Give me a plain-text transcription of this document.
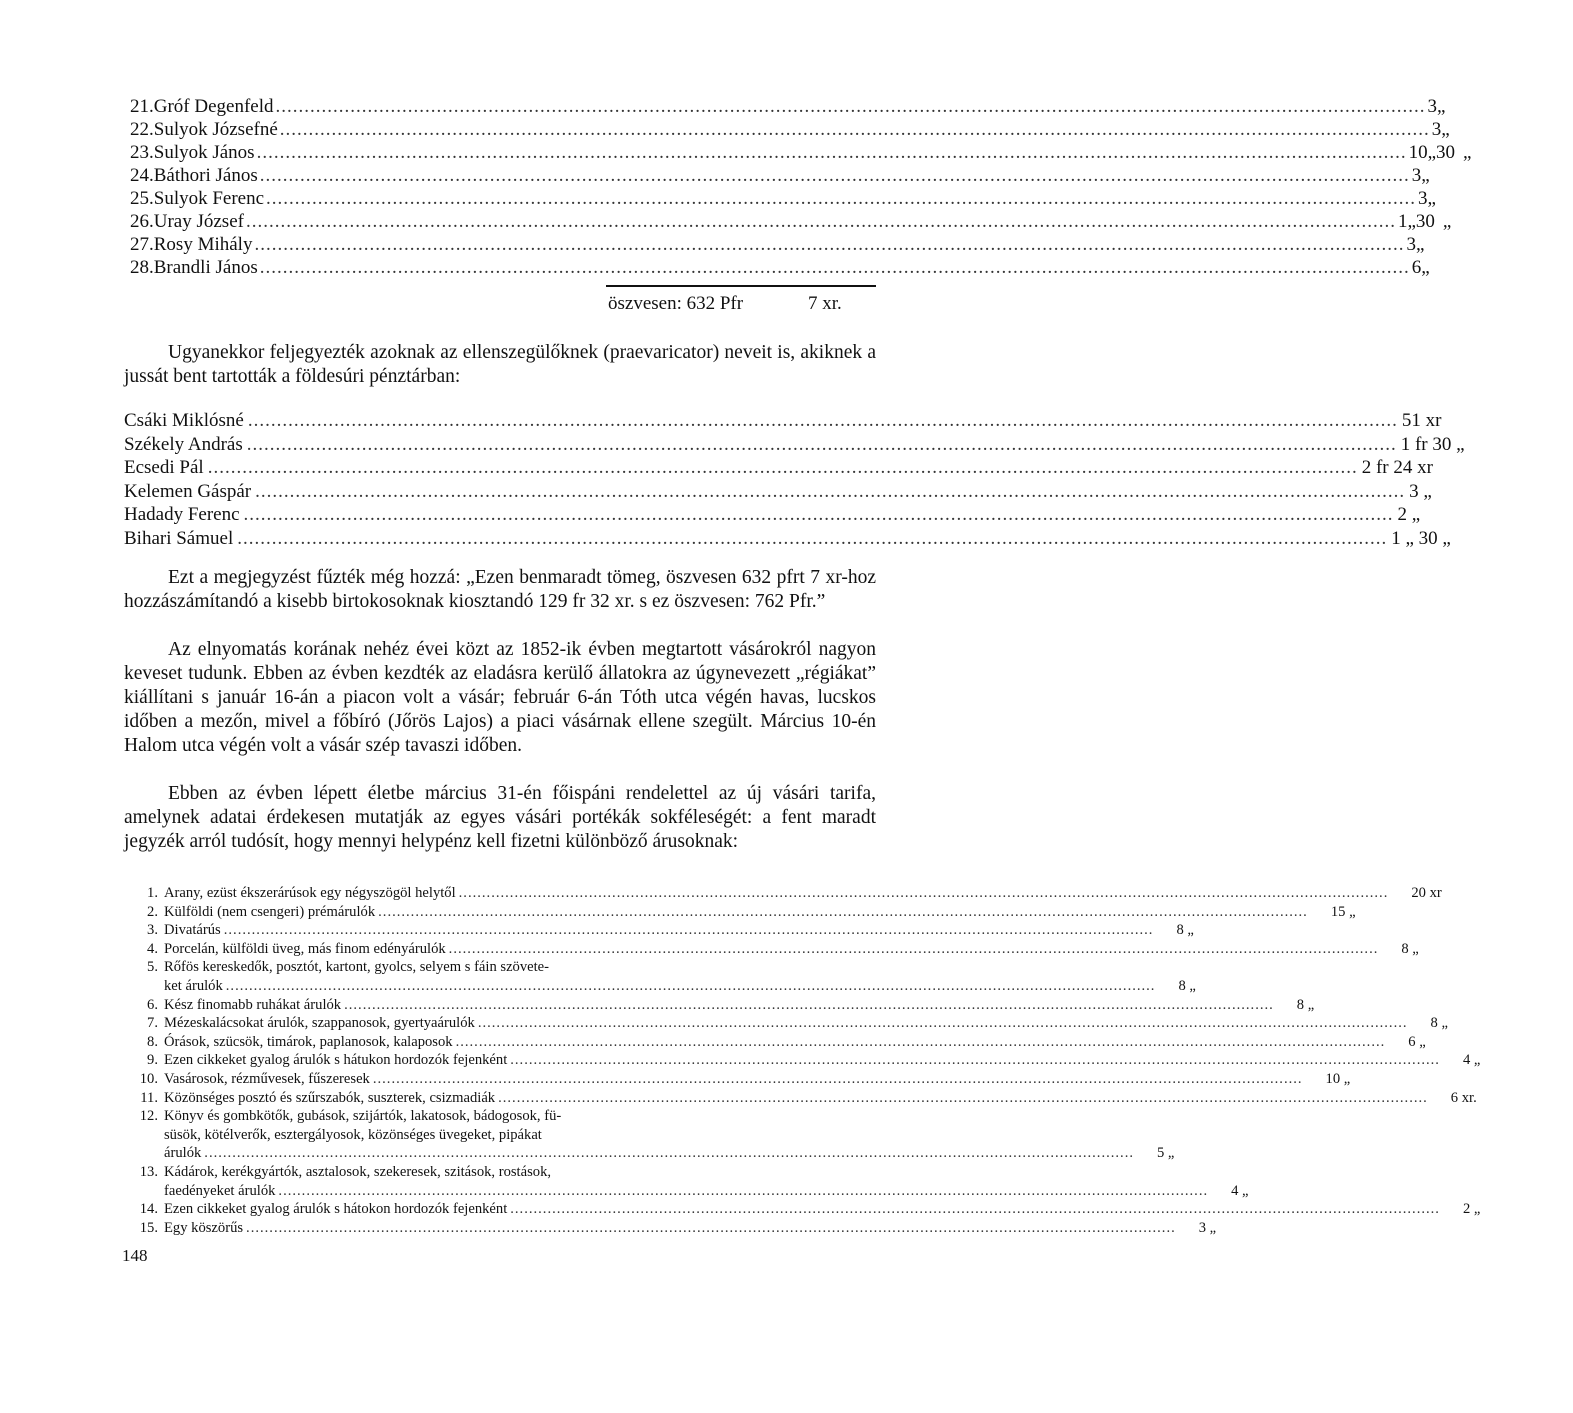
21. Gróf Degenfeld ........................................................................................................................................................................................................ 3 „
22. Sulyok Józsefné ........................................................................................................................................................................................................ 3 „
23. Sulyok János ........................................................................................................................................................................................................ 10 „ 30 „
24. Báthori János ........................................................................................................................................................................................................ 3 „
25. Sulyok Ferenc ........................................................................................................................................................................................................ 3 „
26. Uray József ........................................................................................................................................................................................................ 1 „ 30 „
27. Rosy Mihály ........................................................................................................................................................................................................ 3 „
28. Brandli János ........................................................................................................................................................................................................ 6 „
öszvesen: 632 Pfr	7 xr.

Ugyanekkor feljegyezték azoknak az ellenszegülőknek (praevaricator) neveit is, akiknek a jussát bent tartották a földesúri pénztárban:

Csáki Miklósné ........................................................................................................................................................................................................ 51 xr
Székely András ........................................................................................................................................................................................................ 1 fr 30 „
Ecsedi Pál ........................................................................................................................................................................................................ 2 fr 24 xr
Kelemen Gáspár ........................................................................................................................................................................................................ 3 „
Hadady Ferenc ........................................................................................................................................................................................................ 2 „
Bihari Sámuel ........................................................................................................................................................................................................ 1 „ 30 „

Ezt a megjegyzést fűzték még hozzá: „Ezen benmaradt tömeg, öszvesen 632 pfrt 7 xr-hoz hozzászámítandó a kisebb birtokosoknak kiosztandó 129 fr 32 xr. s ez öszvesen: 762 Pfr.”

Az elnyomatás korának nehéz évei közt az 1852-ik évben megtartott vásárokról nagyon keveset tudunk. Ebben az évben kezdték az eladásra kerülő állatokra az úgynevezett „régiákat” kiállítani s január 16-án a piacon volt a vásár; február 6-án Tóth utca végén havas, lucskos időben a mezőn, mivel a főbíró (Jőrös Lajos) a piaci vásárnak ellene szegült. Március 10-én Halom utca végén volt a vásár szép tavaszi időben.

Ebben az évben lépett életbe március 31-én főispáni rendelettel az új vásári tarifa, amelynek adatai érdekesen mutatják az egyes vásári portékák sokféleségét: a fent maradt jegyzék arról tudósít, hogy mennyi helypénz kell fizetni különböző árusoknak:

1. Arany, ezüst ékszerárúsok egy négyszögöl helytől ........................................................................................................................................................................................................	20 xr
2. Külföldi (nem csengeri) prémárulók ........................................................................................................................................................................................................	15 „
3. Divatárús ........................................................................................................................................................................................................	8 „
4. Porcelán, külföldi üveg, más finom edényárulók ........................................................................................................................................................................................................	8 „
5. Rőfös kereskedők, posztót, kartont, gyolcs, selyem s fáin szövete-
ket árulók ........................................................................................................................................................................................................	8 „
6. Kész finomabb ruhákat árulók ........................................................................................................................................................................................................	8 „
7. Mézeskalácsokat árulók, szappanosok, gyertyaárulók ........................................................................................................................................................................................................	8 „
8. Órások, szücsök, timárok, paplanosok, kalaposok ........................................................................................................................................................................................................	6 „
9. Ezen cikkeket gyalog árulók s hátukon hordozók fejenként ........................................................................................................................................................................................................	4 „
10. Vasárosok, rézművesek, fűszeresek ........................................................................................................................................................................................................	10 „
11. Közönséges posztó és szűrszabók, suszterek, csizmadiák ........................................................................................................................................................................................................	6 xr.
12. Könyv és gombkötők, gubások, szijártók, lakatosok, bádogosok, fü-
süsök, kötélverők, esztergályosok, közönséges üvegeket, pipákat
árulók ........................................................................................................................................................................................................	5 „
13. Kádárok, kerékgyártók, asztalosok, szekeresek, szitások, rostások,
faedényeket árulók ........................................................................................................................................................................................................	4 „
14. Ezen cikkeket gyalog árulók s hátokon hordozók fejenként ........................................................................................................................................................................................................	2 „
15. Egy köszörűs ........................................................................................................................................................................................................	3 „
148
